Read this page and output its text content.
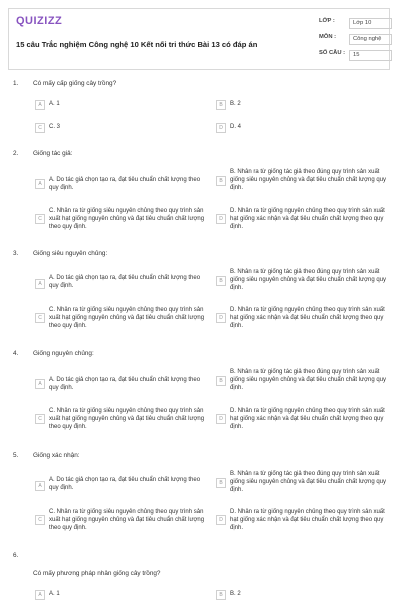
QUIZIZZ
15 câu Trắc nghiệm Công nghệ 10 Kết nối tri thức Bài 13 có đáp án
LỚP :	Lớp 10
MÔN :	Công nghệ
SỐ CÂU :	15
1. Có mấy cấp giống cây trồng?
A	A. 1	B	B. 2
C	C. 3	D	D. 4
2. Giống tác giả:
A
A. Do tác giả chọn tạo ra, đạt tiêu chuẩn chất lượng theo quy định.
B
B. Nhân ra từ giống tác giả theo đúng quy trình sản xuất giống siêu nguyên chủng và đạt tiêu chuẩn chất lượng quy định.
C
C. Nhân ra từ giống siêu nguyên chủng theo quy trình sản xuất hạt giống nguyên chủng và đạt tiêu chuẩn chất lượng theo quy định.
D
D. Nhân ra từ giống nguyên chủng theo quy trình sản xuất hạt giống xác nhận và đạt tiêu chuẩn chất lượng theo quy định.
3. Giống siêu nguyên chủng:
A
A. Do tác giả chọn tạo ra, đạt tiêu chuẩn chất lượng theo quy định.
B
B. Nhân ra từ giống tác giả theo đúng quy trình sản xuất giống siêu nguyên chủng và đạt tiêu chuẩn chất lượng quy định.
C
C. Nhân ra từ giống siêu nguyên chủng theo quy trình sản xuất hạt giống nguyên chủng và đạt tiêu chuẩn chất lượng theo quy định.
D
D. Nhân ra từ giống nguyên chủng theo quy trình sản xuất hạt giống xác nhận và đạt tiêu chuẩn chất lượng theo quy định.
4. Giống nguyên chủng:
A
A. Do tác giả chọn tạo ra, đạt tiêu chuẩn chất lượng theo quy định.
B
B. Nhân ra từ giống tác giả theo đúng quy trình sản xuất giống siêu nguyên chủng và đạt tiêu chuẩn chất lượng quy định.
C
C. Nhân ra từ giống siêu nguyên chủng theo quy trình sản xuất hạt giống nguyên chủng và đạt tiêu chuẩn chất lượng theo quy định.
D
D. Nhân ra từ giống nguyên chủng theo quy trình sản xuất hạt giống xác nhận và đạt tiêu chuẩn chất lượng theo quy định.
5. Giống xác nhận:
A
A. Do tác giả chọn tạo ra, đạt tiêu chuẩn chất lượng theo quy định.
B
B. Nhân ra từ giống tác giả theo đúng quy trình sản xuất giống siêu nguyên chủng và đạt tiêu chuẩn chất lượng quy định.
C
C. Nhân ra từ giống siêu nguyên chủng theo quy trình sản xuất hạt giống nguyên chủng và đạt tiêu chuẩn chất lượng theo quy định.
D
D. Nhân ra từ giống nguyên chủng theo quy trình sản xuất hạt giống xác nhận và đạt tiêu chuẩn chất lượng theo quy định.
6.
Có mấy phương pháp nhân giống cây trồng?
A	A. 1	B	B. 2
